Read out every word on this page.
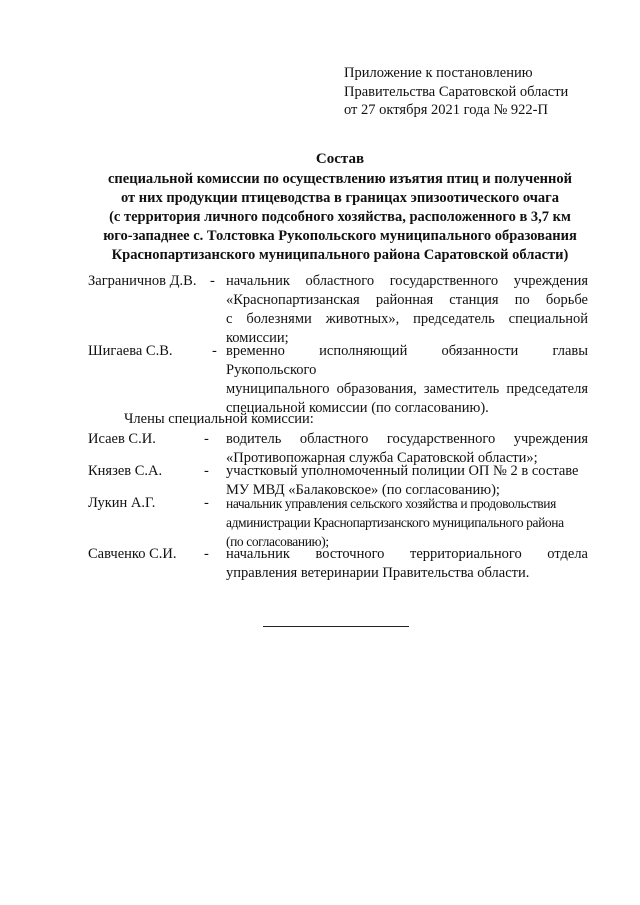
Приложение к постановлению
Правительства Саратовской области
от 27 октября 2021 года № 922-П
Состав
специальной комиссии по осуществлению изъятия птиц и полученной
от них продукции птицеводства в границах эпизоотического очага
(с территория личного подсобного хозяйства, расположенного в 3,7 км
юго-западнее с. Толстовка Рукопольского муниципального образования
Краснопартизанского муниципального района Саратовской области)
Заграничнов Д.В. - начальник областного государственного учреждения
«Краснопартизанская районная станция по борьбе
с болезнями животных», председатель специальной
комиссии;
Шигаева С.В.	- временно исполняющий обязанности главы Рукопольского
муниципального образования, заместитель председателя
специальной комиссии (по согласованию).
Члены специальной комиссии:
Исаев С.И.	- водитель областного государственного учреждения
«Противопожарная служба Саратовской области»;
Князев С.А.	- участковый уполномоченный полиции ОП № 2 в составе
МУ МВД «Балаковское» (по согласованию);
Лукин А.Г.	- начальник управления сельского хозяйства и продовольствия
администрации Краснопартизанского муниципального района
(по согласованию);
Савченко С.И. - начальник восточного территориального отдела
управления ветеринарии Правительства области.
